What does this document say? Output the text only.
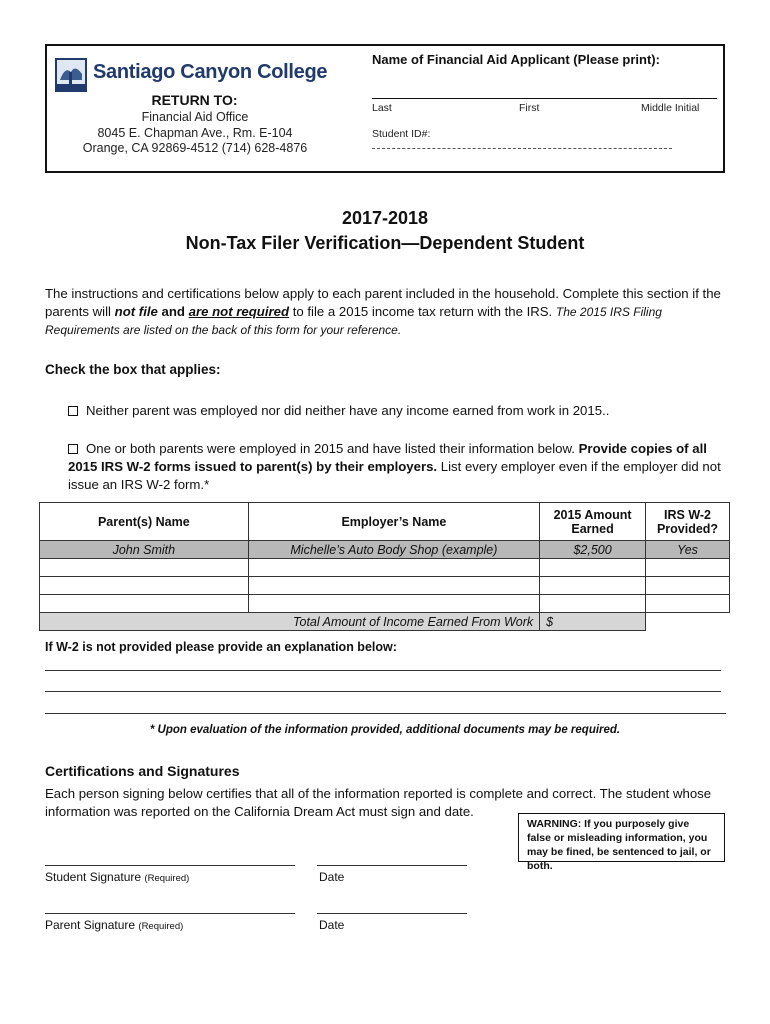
Santiago Canyon College
RETURN TO:
Financial Aid Office
8045 E. Chapman Ave., Rm. E-104
Orange, CA 92869-4512 (714) 628-4876
Name of Financial Aid Applicant (Please print):
Last	First	Middle Initial
Student ID#:
2017-2018
Non-Tax Filer Verification—Dependent Student
The instructions and certifications below apply to each parent included in the household. Complete this section if the parents will not file and are not required to file a 2015 income tax return with the IRS. The 2015 IRS Filing Requirements are listed on the back of this form for your reference.
Check the box that applies:
Neither parent was employed nor did neither have any income earned from work in 2015..
One or both parents were employed in 2015 and have listed their information below. Provide copies of all 2015 IRS W-2 forms issued to parent(s) by their employers. List every employer even if the employer did not issue an IRS W-2 form.*
Parent(s) Name	Employer’s Name	2015 Amount Earned	IRS W-2 Provided?
John Smith	Michelle’s Auto Body Shop (example)	$2,500	Yes

Total Amount of Income Earned From Work		$	
If W-2 is not provided please provide an explanation below:
* Upon evaluation of the information provided, additional documents may be required.
Certifications and Signatures
Each person signing below certifies that all of the information reported is complete and correct. The student whose information was reported on the California Dream Act must sign and date.
WARNING: If you purposely give false or misleading information, you may be fined, be sentenced to jail, or both.
Student Signature (Required)	Date
Parent Signature (Required)	Date
